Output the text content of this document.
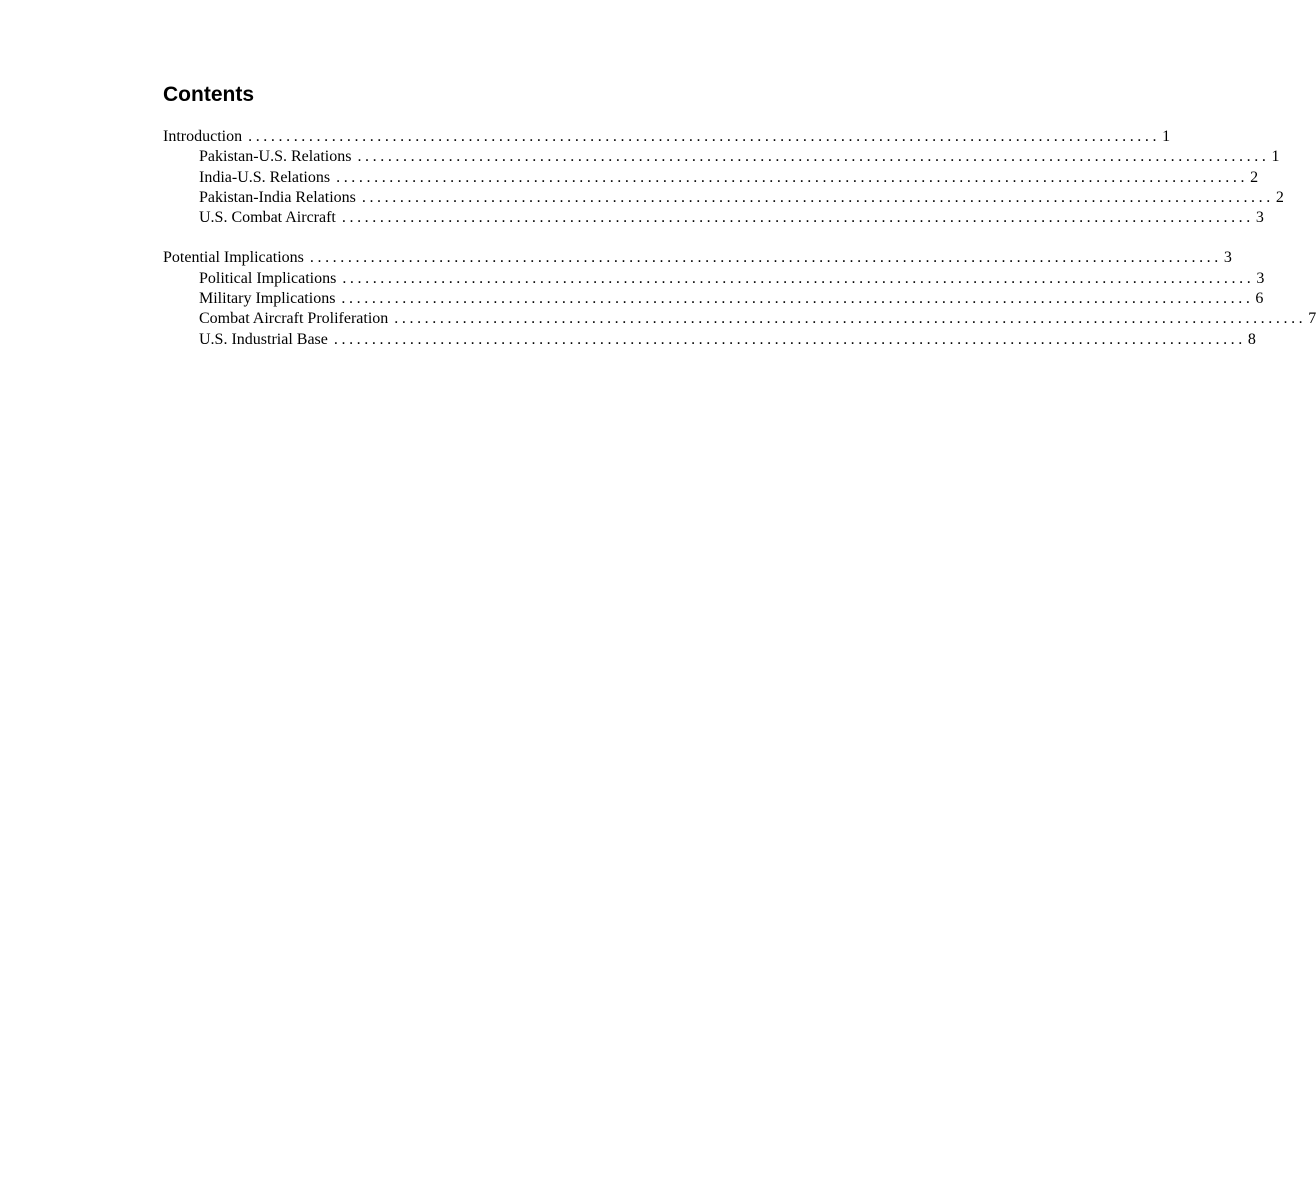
Contents
Introduction ........................................................................................................................ 1
Pakistan-U.S. Relations ........................................................................................................................ 1
India-U.S. Relations ........................................................................................................................ 2
Pakistan-India Relations ........................................................................................................................ 2
U.S. Combat Aircraft ........................................................................................................................ 3
Potential Implications ........................................................................................................................ 3
Political Implications ........................................................................................................................ 3
Military Implications ........................................................................................................................ 6
Combat Aircraft Proliferation ........................................................................................................................ 7
U.S. Industrial Base ........................................................................................................................ 8
